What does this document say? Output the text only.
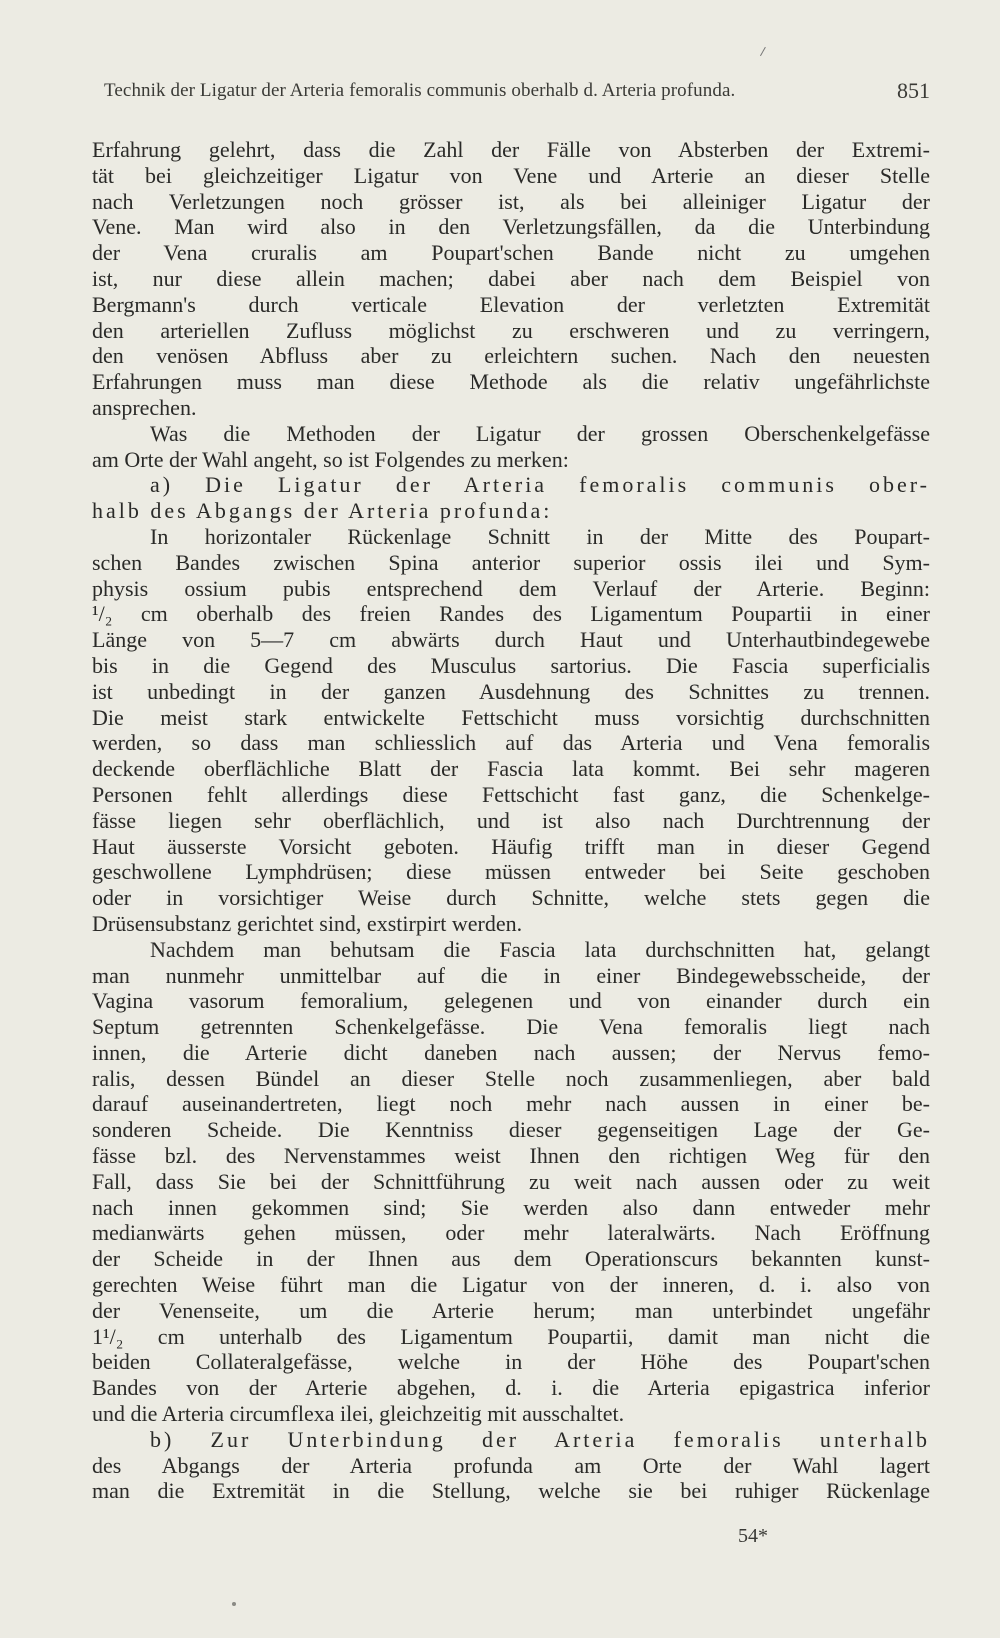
Technik der Ligatur der Arteria femoralis communis oberhalb d. Arteria profunda.	851
Erfahrung gelehrt, dass die Zahl der Fälle von Absterben der Extremi-
tät bei gleichzeitiger Ligatur von Vene und Arterie an dieser Stelle
nach Verletzungen noch grösser ist, als bei alleiniger Ligatur der
Vene. Man wird also in den Verletzungsfällen, da die Unterbindung
der Vena cruralis am Poupart'schen Bande nicht zu umgehen
ist, nur diese allein machen; dabei aber nach dem Beispiel von
Bergmann's durch verticale Elevation der verletzten Extremität
den arteriellen Zufluss möglichst zu erschweren und zu verringern,
den venösen Abfluss aber zu erleichtern suchen. Nach den neuesten
Erfahrungen muss man diese Methode als die relativ ungefährlichste
ansprechen.
Was die Methoden der Ligatur der grossen Oberschenkelgefässe
am Orte der Wahl angeht, so ist Folgendes zu merken:
a) Die Ligatur der Arteria femoralis communis ober-
halb des Abgangs der Arteria profunda:
In horizontaler Rückenlage Schnitt in der Mitte des Poupart-
schen Bandes zwischen Spina anterior superior ossis ilei und Sym-
physis ossium pubis entsprechend dem Verlauf der Arterie. Beginn:
¹/₂ cm oberhalb des freien Randes des Ligamentum Poupartii in einer
Länge von 5—7 cm abwärts durch Haut und Unterhautbindegewebe
bis in die Gegend des Musculus sartorius. Die Fascia superficialis
ist unbedingt in der ganzen Ausdehnung des Schnittes zu trennen.
Die meist stark entwickelte Fettschicht muss vorsichtig durchschnitten
werden, so dass man schliesslich auf das Arteria und Vena femoralis
deckende oberflächliche Blatt der Fascia lata kommt. Bei sehr mageren
Personen fehlt allerdings diese Fettschicht fast ganz, die Schenkelge-
fässe liegen sehr oberflächlich, und ist also nach Durchtrennung der
Haut äusserste Vorsicht geboten. Häufig trifft man in dieser Gegend
geschwollene Lymphdrüsen; diese müssen entweder bei Seite geschoben
oder in vorsichtiger Weise durch Schnitte, welche stets gegen die
Drüsensubstanz gerichtet sind, exstirpirt werden.
Nachdem man behutsam die Fascia lata durchschnitten hat, gelangt
man nunmehr unmittelbar auf die in einer Bindegewebsscheide, der
Vagina vasorum femoralium, gelegenen und von einander durch ein
Septum getrennten Schenkelgefässe. Die Vena femoralis liegt nach
innen, die Arterie dicht daneben nach aussen; der Nervus femo-
ralis, dessen Bündel an dieser Stelle noch zusammenliegen, aber bald
darauf auseinandertreten, liegt noch mehr nach aussen in einer be-
sonderen Scheide. Die Kenntniss dieser gegenseitigen Lage der Ge-
fässe bzl. des Nervenstammes weist Ihnen den richtigen Weg für den
Fall, dass Sie bei der Schnittführung zu weit nach aussen oder zu weit
nach innen gekommen sind; Sie werden also dann entweder mehr
medianwärts gehen müssen, oder mehr lateralwärts. Nach Eröffnung
der Scheide in der Ihnen aus dem Operationscurs bekannten kunst-
gerechten Weise führt man die Ligatur von der inneren, d. i. also von
der Venenseite, um die Arterie herum; man unterbindet ungefähr
1¹/₂ cm unterhalb des Ligamentum Poupartii, damit man nicht die
beiden Collateralgefässe, welche in der Höhe des Poupart'schen
Bandes von der Arterie abgehen, d. i. die Arteria epigastrica inferior
und die Arteria circumflexa ilei, gleichzeitig mit ausschaltet.
b) Zur Unterbindung der Arteria femoralis unterhalb
des Abgangs der Arteria profunda am Orte der Wahl lagert
man die Extremität in die Stellung, welche sie bei ruhiger Rückenlage
54*
